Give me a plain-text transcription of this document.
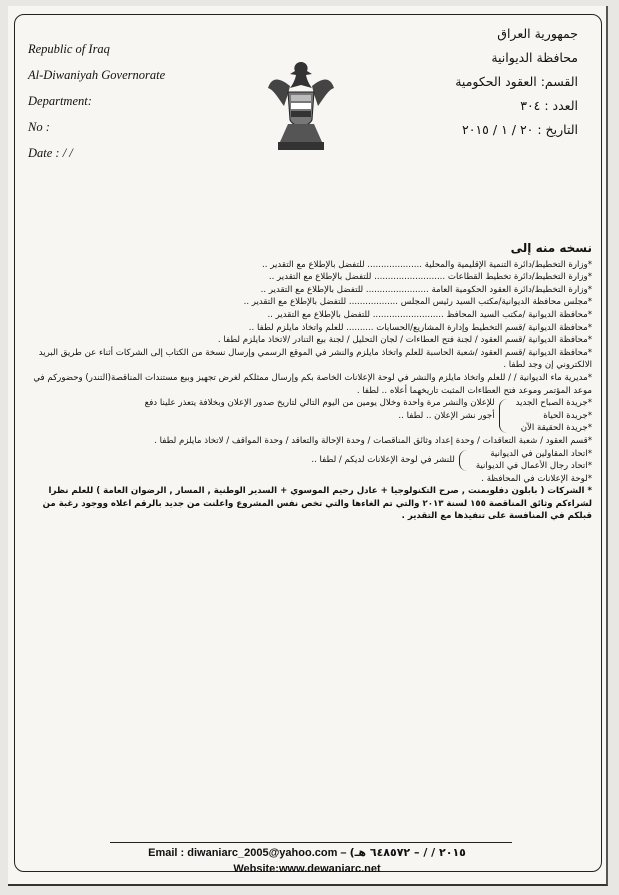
Republic of Iraq
Al-Diwaniyah Governorate
Department:
No :
Date : / /
جمهورية العراق
محافظة الديوانية
القسم: العقود الحكومية
العدد : ٣٠٤
التاريخ : ٢٠ / ١ / ٢٠١٥
نسخه منه إلى
*وزارة التخطيط/دائرة التنمية الإقليمية والمحلية .................... للتفضل بالإطلاع مع التقدير ..
*وزارة التخطيط/دائرة تخطيط القطاعات .......................... للتفضل بالإطلاع مع التقدير ..
*وزارة التخطيط/دائرة العقود الحكومية العامة ....................... للتفضل بالإطلاع مع التقدير ..
*مجلس محافظة الديوانية/مكتب السيد رئيس المجلس .................. للتفضل بالإطلاع مع التقدير ..
*محافظة الديوانية /مكتب السيد المحافظ .......................... للتفضل بالإطلاع مع التقدير ..
*محافظة الديوانية /قسم التخطيط وإدارة المشاريع/الحسابات .......... للعلم واتخاذ مايلزم لطفا ..
*محافظة الديوانية /قسم العقود / لجنة فتح العطاءات / لجان التحليل / لجنة بيع التنادر /لاتخاذ مايلزم لطفا .
*محافظة الديوانية /قسم العقود /شعبة الحاسبة للعلم واتخاذ مايلزم والنشر في الموقع الرسمي وإرسال نسخة من الكتاب إلى الشركات أثناء عن طريق البريد الالكتروني إن وجد لطفا .
*مديرية ماء الديوانية / / للعلم واتخاذ مايلزم والنشر في لوحة الإعلانات الخاصة بكم وإرسال ممثلكم لغرض تجهيز وبيع مستندات المناقصة(التندر) وحضوركم في موعد المؤتمر وموعد فتح العطاءات المثبت تاريخهما أعلاه .. لطفا .
*جريدة الصباح الجديد
*جريدة الحياة
*جريدة الحقيقة الآن
للإعلان والنشر مرة واحدة وخلال يومين من اليوم التالي لتاريخ صدور الإعلان وبخلافة يتعذر علينا دفع أجور نشر الإعلان .. لطفا ..
*قسم العقود / شعبة التعاقدات / وحدة إعداد وثائق المناقصات / وحدة الإحالة والتعاقد / وحدة المواقف / لاتخاذ مايلزم لطفا .
*اتحاد المقاولين في الديوانية
*اتحاد رجال الأعمال في الديوانية
للنشر في لوحة الإعلانات لديكم / لطفا ..
*لوحة الإعلانات في المحافظة .
* الشركات ( بابلون دفلوبمنت , صرح التكنولوجيا + عادل رحيم الموسوي + السدير الوطنية , المسار , الرضوان العامة ) للعلم نظرا لشراءكم وثائق المناقصة ١٥٥ لسنة ٢٠١٣ والتي تم الغاءها والتي تخص نفس المشروع واعلنت من جديد بالرقم اعلاه ووجود رغبة من قبلكم في المنافسة على تنفيذها مع التقدير .
Email : diwaniarc_2005@yahoo.com – (٢٠١٥ / / – ٦٤٨٥٧٢ هـ
Website:www.dewaniarc.net
